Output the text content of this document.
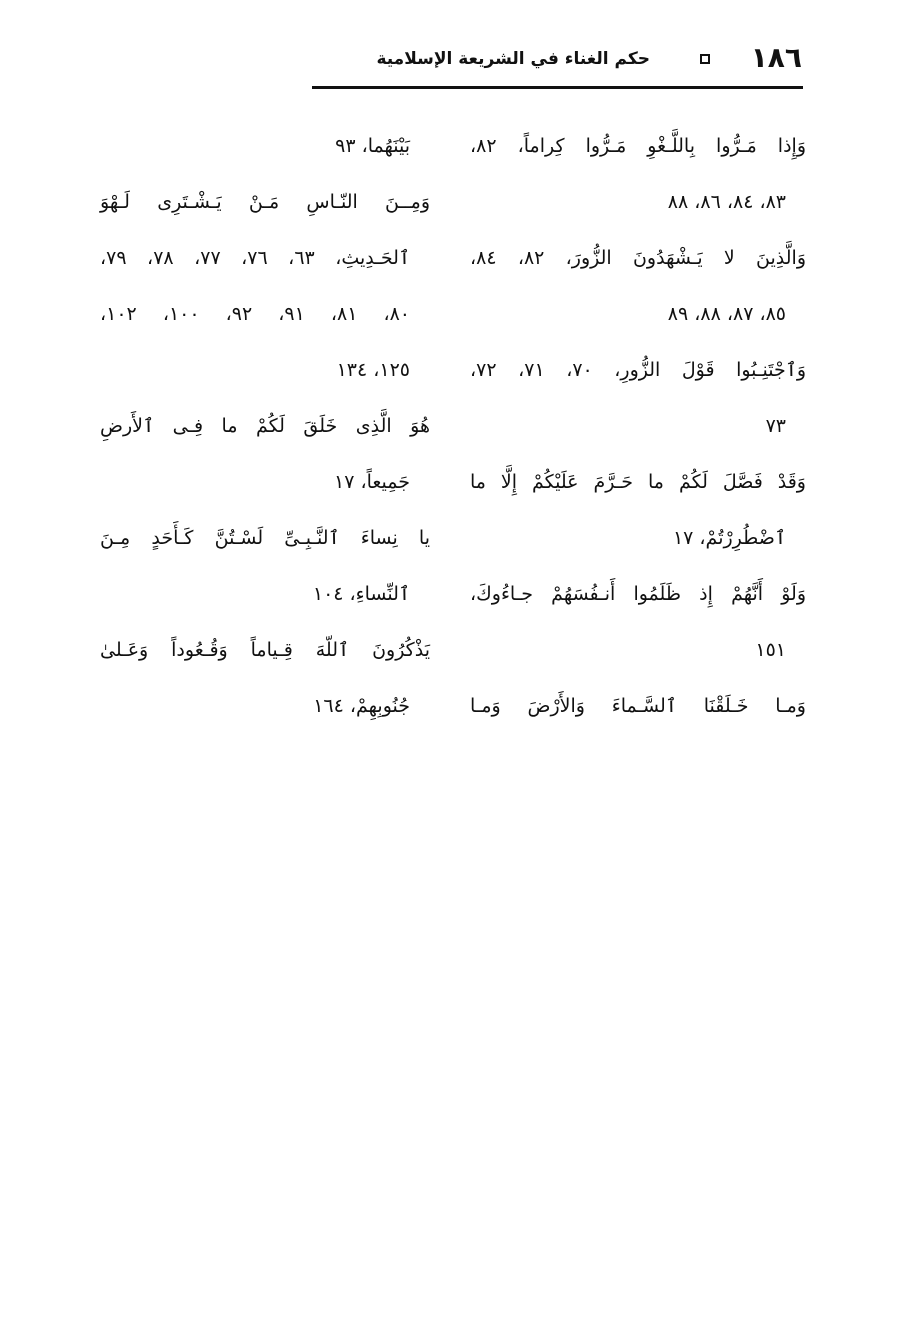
١٨٦
حكم الغناء في الشريعة الإسلامية
وَإِذا مَـرُّوا بِاللَّـغْوِ مَـرُّوا كِراماً، ٨٢،
٨٣، ٨٤، ٨٦، ٨٨
وَالَّذِينَ لا يَـشْهَدُونَ الزُّورَ، ٨٢، ٨٤،
٨٥، ٨٧، ٨٨، ٨٩
وَٱجْتَنِـبُوا قَوْلَ الزُّورِ، ٧٠، ٧١، ٧٢،
٧٣
وَقَدْ فَصَّلَ لَكُمْ ما حَـرَّمَ عَلَيْكُمْ إِلَّا ما
ٱضْطُرِرْتُمْ، ١٧
وَلَوْ أَنَّهُمْ إِذ ظَلَمُوا أَنـفُسَهُمْ جـاءُوكَ،
١٥١
وَمـا خَـلَقْنَا ٱلسَّـماءَ وَالأَرْضَ وَمـا
بَيْنَهُما، ٩٣
وَمِــنَ النّـاسِ مَـنْ يَـشْـتَرِى لَـهْوَ
ٱلحَـدِيثِ، ٦٣، ٧٦، ٧٧، ٧٨، ٧٩،
٨٠، ٨١، ٩١، ٩٢، ١٠٠، ١٠٢،
١٢٥، ١٣٤
هُوَ الَّذِى خَلَقَ لَكُمْ ما فِـى ٱلأَرضِ
جَمِيعاً، ١٧
يا نِساءَ ٱلنَّـبِـىِّ لَسْـتُنَّ كَـأَحَدٍ مِـنَ
ٱلنِّساءِ، ١٠٤
يَذْكُرُونَ ٱللّهَ قِـياماً وَقُـعُوداً وَعَـلىٰ
جُنُوبِهِمْ، ١٦٤
